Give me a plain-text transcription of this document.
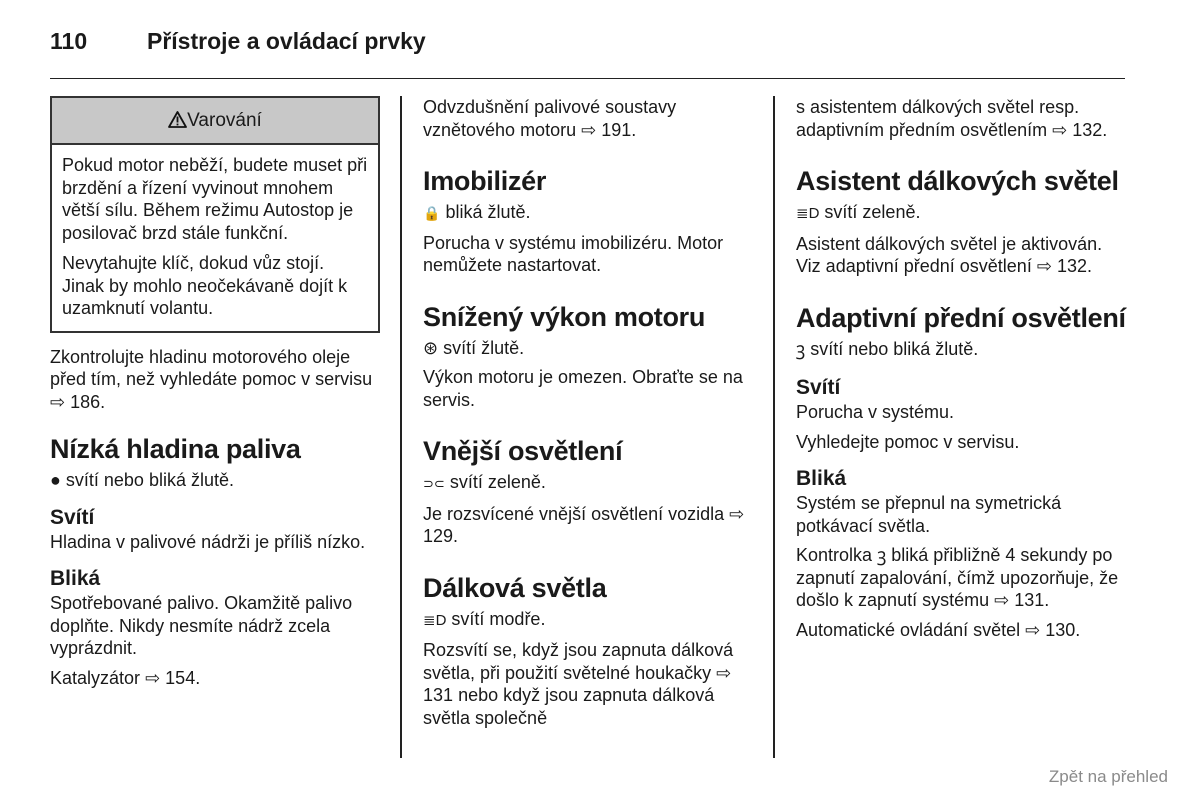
110	Přístroje a ovládací prvky
Varování

Pokud motor neběží, budete muset při brzdění a řízení vyvinout mnohem větší sílu. Během režimu Autostop je posilovač brzd stále funkční.

Nevytahujte klíč, dokud vůz stojí. Jinak by mohlo neočekávaně dojít k uzamknutí volantu.

Zkontrolujte hladinu motorového oleje před tím, než vyhledáte pomoc v servisu ⇨ 186.

Nízká hladina paliva

● svítí nebo bliká žlutě.

Svítí

Hladina v palivové nádrži je příliš nízko.

Bliká

Spotřebované palivo. Okamžitě palivo doplňte. Nikdy nesmíte nádrž zcela vyprázdnit.

Katalyzátor ⇨ 154.

Odvzdušnění palivové soustavy vznětového motoru ⇨ 191.

Imobilizér

🔒 bliká žlutě.

Porucha v systému imobilizéru. Motor nemůžete nastartovat.

Snížený výkon motoru

⊛ svítí žlutě.

Výkon motoru je omezen. Obraťte se na servis.

Vnější osvětlení

⊃⊂ svítí zeleně.

Je rozsvícené vnější osvětlení vozidla ⇨ 129.

Dálková světla

≣D svítí modře.

Rozsvítí se, když jsou zapnuta dálková světla, při použití světelné houkačky ⇨ 131 nebo když jsou zapnuta dálková světla společně

s asistentem dálkových světel resp. adaptivním předním osvětlením ⇨ 132.

Asistent dálkových světel

≣D svítí zeleně.

Asistent dálkových světel je aktivován. Viz adaptivní přední osvětlení ⇨ 132.

Adaptivní přední osvětlení

ꝫ svítí nebo bliká žlutě.

Svítí

Porucha v systému.

Vyhledejte pomoc v servisu.

Bliká

Systém se přepnul na symetrická potkávací světla.

Kontrolka ꝫ bliká přibližně 4 sekundy po zapnutí zapalování, čímž upozorňuje, že došlo k zapnutí systému ⇨ 131.

Automatické ovládání světel ⇨ 130.

Zpět na přehled
